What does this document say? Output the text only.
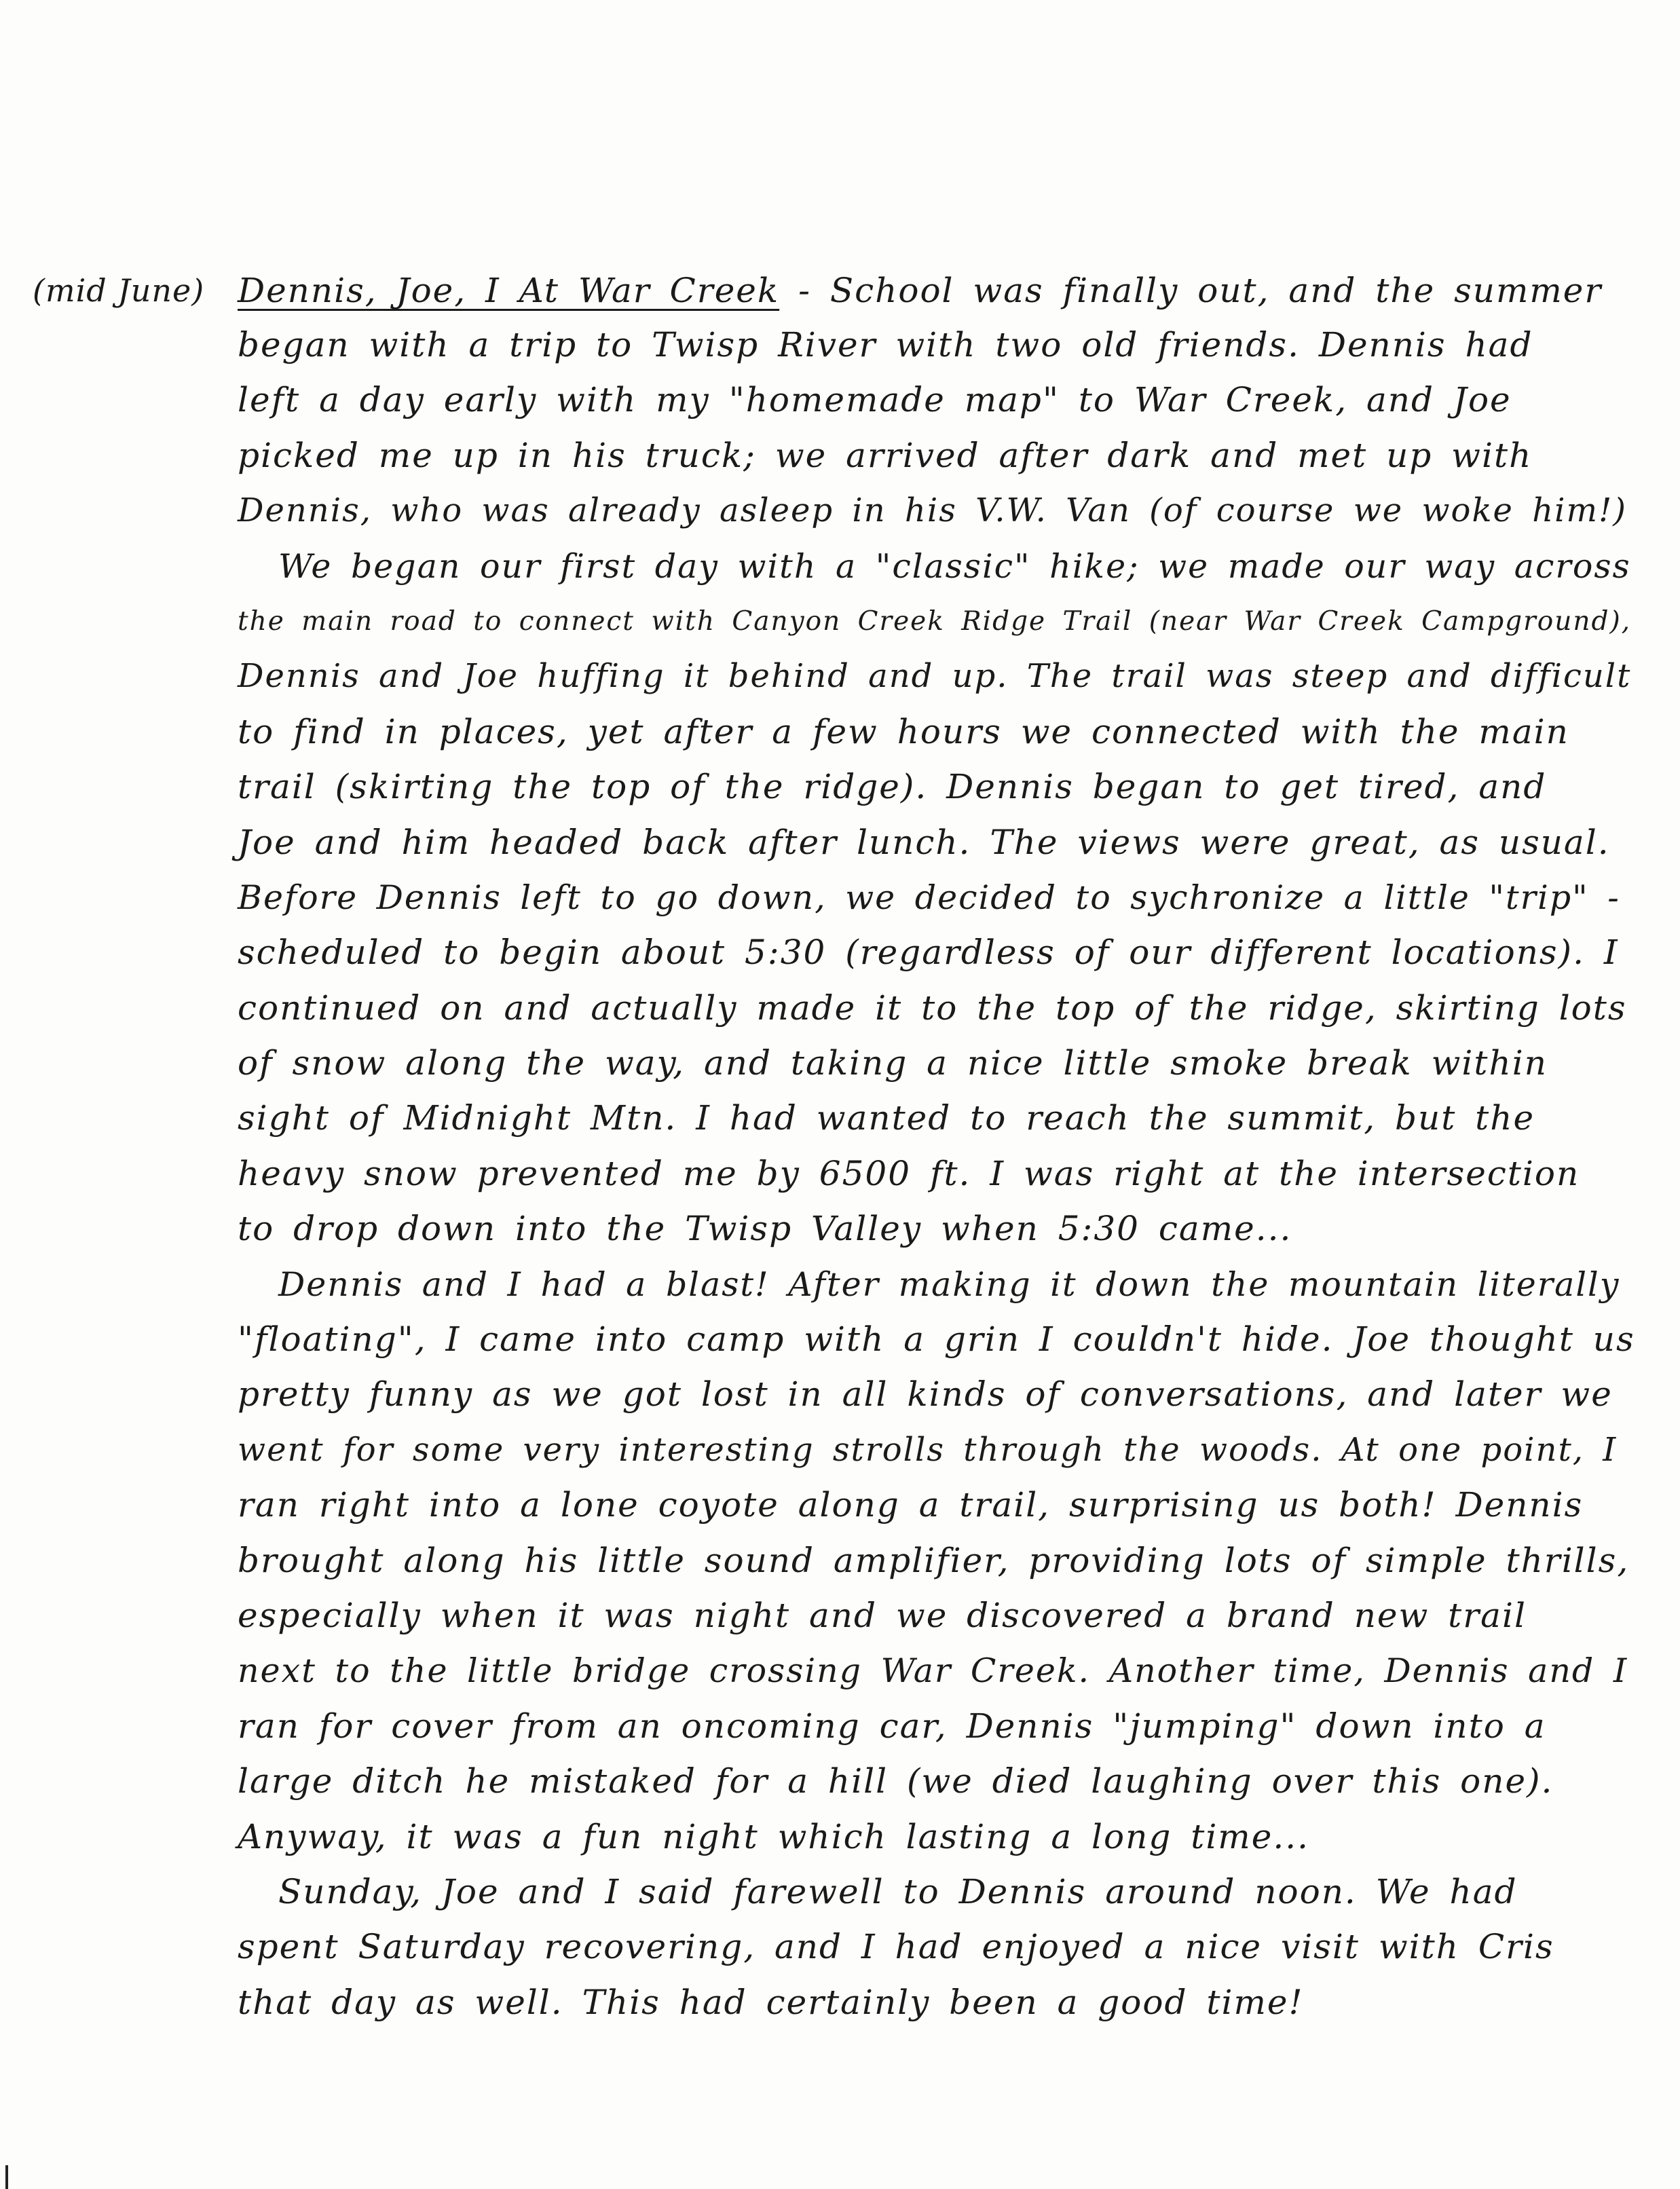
(mid June) Dennis, Joe, I At War Creek - School was finally out, and the summer
began with a trip to Twisp River with two old friends. Dennis had
left a day early with my "homemade map" to War Creek, and Joe
picked me up in his truck; we arrived after dark and met up with
Dennis, who was already asleep in his V.W. Van (of course we woke him!)
We began our first day with a "classic" hike; we made our way across
the main road to connect with Canyon Creek Ridge Trail (near War Creek Campground),
Dennis and Joe huffing it behind and up. The trail was steep and difficult
to find in places, yet after a few hours we connected with the main
trail (skirting the top of the ridge). Dennis began to get tired, and
Joe and him headed back after lunch. The views were great, as usual.
Before Dennis left to go down, we decided to sychronize a little "trip" -
scheduled to begin about 5:30 (regardless of our different locations). I
continued on and actually made it to the top of the ridge, skirting lots
of snow along the way, and taking a nice little smoke break within
sight of Midnight Mtn. I had wanted to reach the summit, but the
heavy snow prevented me by 6500 ft. I was right at the intersection
to drop down into the Twisp Valley when 5:30 came...
Dennis and I had a blast! After making it down the mountain literally
"floating", I came into camp with a grin I couldn't hide. Joe thought us
pretty funny as we got lost in all kinds of conversations, and later we
went for some very interesting strolls through the woods. At one point, I
ran right into a lone coyote along a trail, surprising us both! Dennis
brought along his little sound amplifier, providing lots of simple thrills,
especially when it was night and we discovered a brand new trail
next to the little bridge crossing War Creek. Another time, Dennis and I
ran for cover from an oncoming car, Dennis "jumping" down into a
large ditch he mistaked for a hill (we died laughing over this one).
Anyway, it was a fun night which lasting a long time...
Sunday, Joe and I said farewell to Dennis around noon. We had
spent Saturday recovering, and I had enjoyed a nice visit with Cris
that day as well. This had certainly been a good time!
